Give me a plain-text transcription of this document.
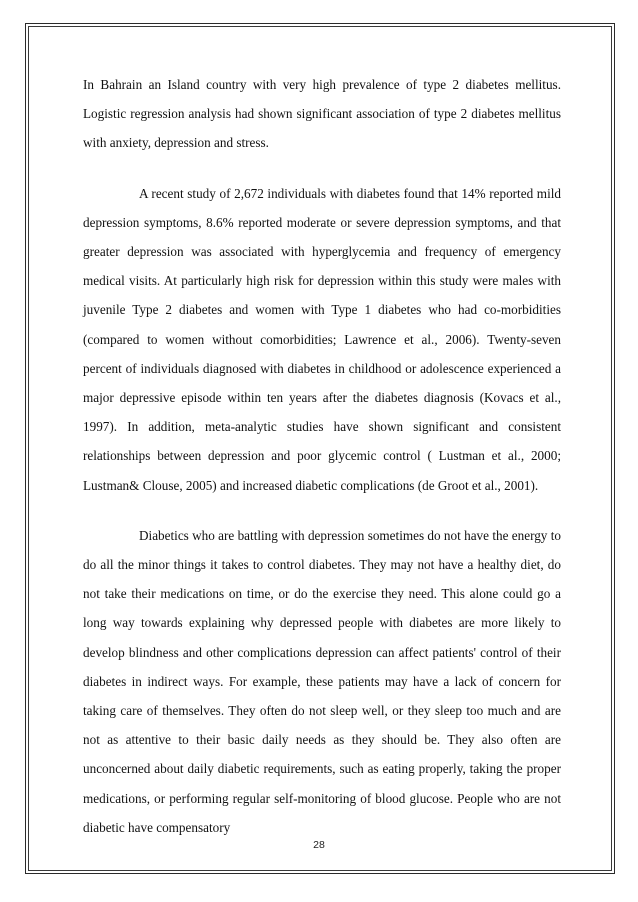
In Bahrain an Island country with very high prevalence of type 2 diabetes mellitus. Logistic regression analysis had shown significant association of type 2 diabetes mellitus with anxiety, depression and stress.

A recent study of 2,672 individuals with diabetes found that 14% reported mild depression symptoms, 8.6% reported moderate or severe depression symptoms, and that greater depression was associated with hyperglycemia and frequency of emergency medical visits. At particularly high risk for depression within this study were males with juvenile Type 2 diabetes and women with Type 1 diabetes who had co-morbidities (compared to women without comorbidities; Lawrence et al., 2006). Twenty-seven percent of individuals diagnosed with diabetes in childhood or adolescence experienced a major depressive episode within ten years after the diabetes diagnosis (Kovacs et al., 1997). In addition, meta-analytic studies have shown significant and consistent relationships between depression and poor glycemic control ( Lustman et al., 2000; Lustman& Clouse, 2005) and increased diabetic complications (de Groot et al., 2001).

Diabetics who are battling with depression sometimes do not have the energy to do all the minor things it takes to control diabetes. They may not have a healthy diet, do not take their medications on time, or do the exercise they need. This alone could go a long way towards explaining why depressed people with diabetes are more likely to develop blindness and other complications depression can affect patients' control of their diabetes in indirect ways. For example, these patients may have a lack of concern for taking care of themselves. They often do not sleep well, or they sleep too much and are not as attentive to their basic daily needs as they should be. They also often are unconcerned about daily diabetic requirements, such as eating properly, taking the proper medications, or performing regular self-monitoring of blood glucose. People who are not diabetic have compensatory

28
